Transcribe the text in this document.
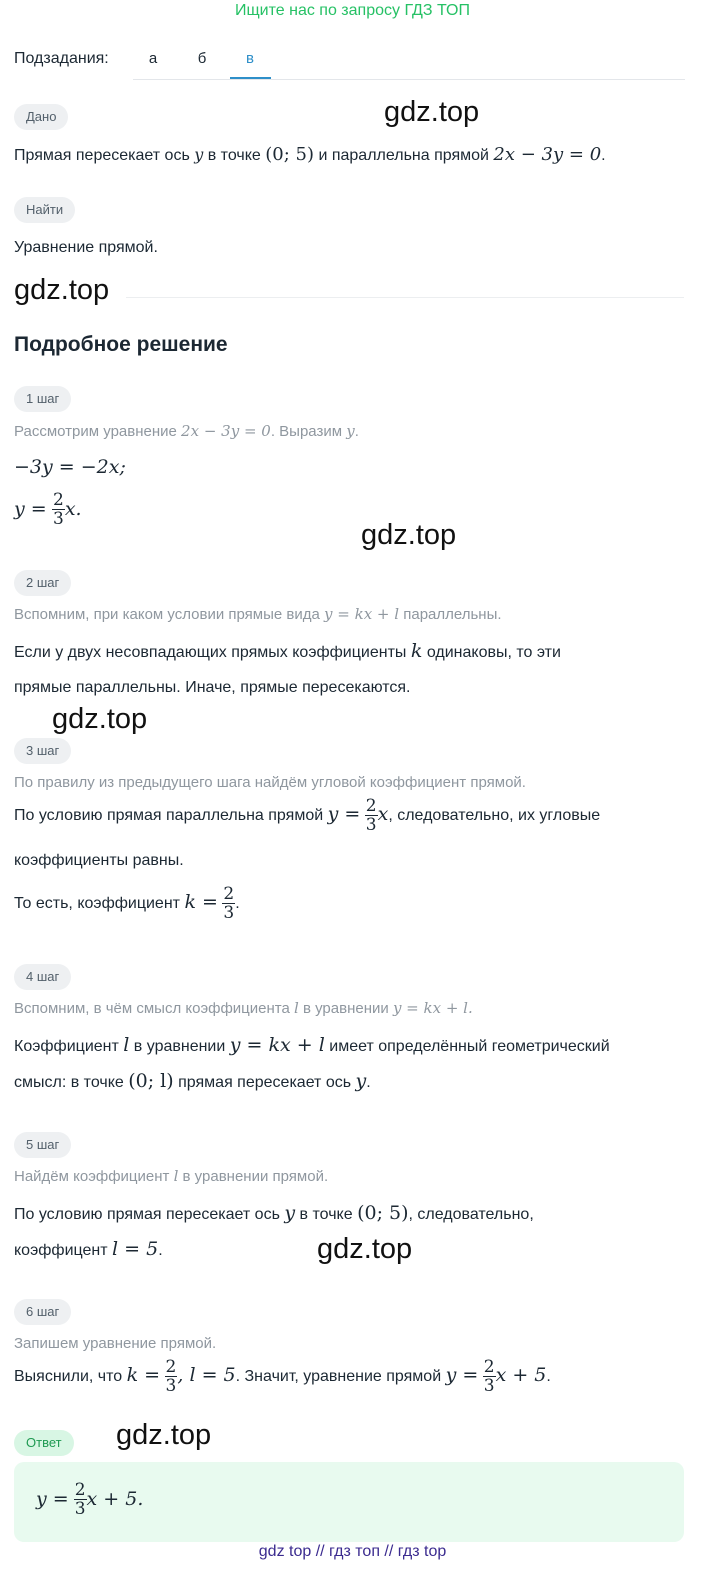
Ищите нас по запросу ГДЗ ТОП
Подзадания:	а	б	в
Дано	gdz.top
Прямая пересекает ось y в точке (0; 5) и параллельна прямой 2x − 3y = 0.
Найти
Уравнение прямой.
gdz.top
Подробное решение
1 шаг
Рассмотрим уравнение 2x − 3y = 0. Выразим y.
−3y = −2x;
$y = \frac{2}{3} x$.
gdz.top
2 шаг
Вспомним, при каком условии прямые вида y = kx + l параллельны.
Если у двух несовпадающих прямых коэффициенты k одинаковы, то эти
прямые параллельны. Иначе, прямые пересекаются.
gdz.top
3 шаг
По правилу из предыдущего шага найдём угловой коэффициент прямой.
По условию прямая параллельна прямой $y = \frac{2}{3} x$, следовательно, их угловые
коэффициенты равны.
То есть, коэффициент $k = \frac{2}{3}$ .
4 шаг
Вспомним, в чём смысл коэффициента l в уравнении y = kx + l.
Коэффициент l в уравнении y = kx + l имеет определённый геометрический
смысл: в точке (0; l) прямая пересекает ось y.
5 шаг
Найдём коэффициент l в уравнении прямой.
По условию прямая пересекает ось y в точке (0; 5), следовательно,
коэффицент l = 5.	gdz.top
6 шаг
Запишем уравнение прямой.
Выяснили, что $k = \frac{2}{3}$ , l = 5. Значит, уравнение прямой $y = \frac{2}{3}$ x + 5.
Ответ	gdz.top
$y = \frac{2}{3}$ x + 5.
gdz top // гдз топ // гдз top
